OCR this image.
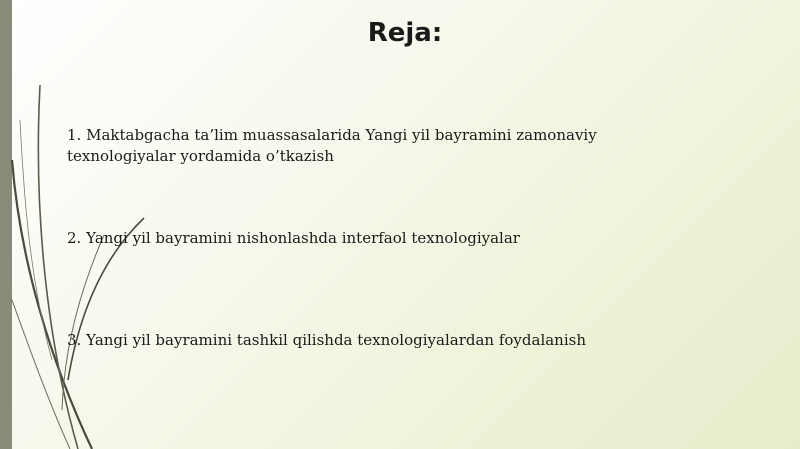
Reja:
1. Maktabgacha ta’lim muassasalarida Yangi yil bayramini zamonaviy texnologiyalar yordamida o’tkazish
2. Yangi yil bayramini nishonlashda interfaol texnologiyalar
3. Yangi yil bayramini tashkil qilishda texnologiyalardan foydalanish
